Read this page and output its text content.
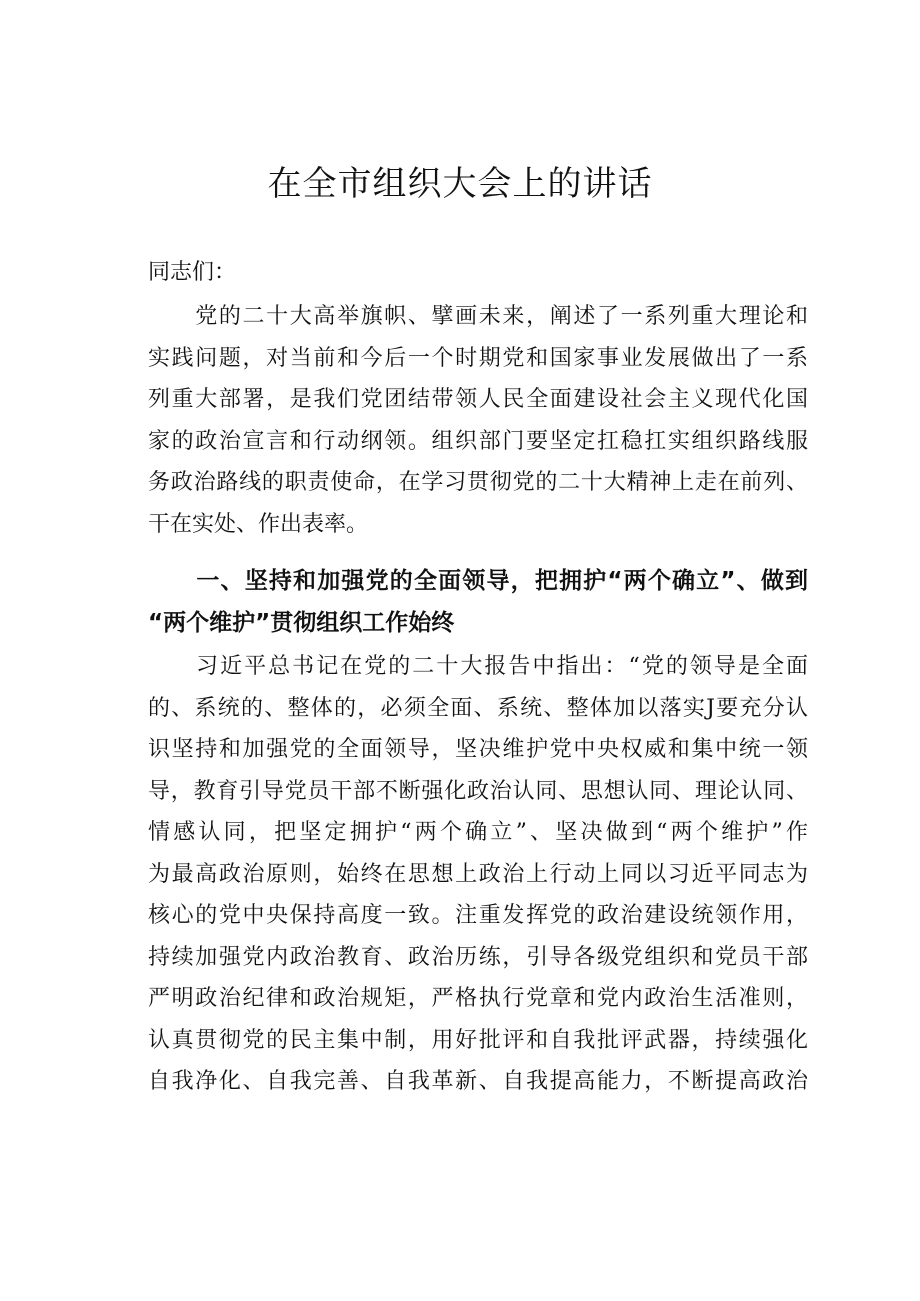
在全市组织大会上的讲话
同志们：
　　党的二十大高举旗帜、擘画未来，阐述了一系列重大理论和
实践问题，对当前和今后一个时期党和国家事业发展做出了一系
列重大部署，是我们党团结带领人民全面建设社会主义现代化国
家的政治宣言和行动纲领。组织部门要坚定扛稳扛实组织路线服
务政治路线的职责使命，在学习贯彻党的二十大精神上走在前列、
干在实处、作出表率。
　　一、坚持和加强党的全面领导，把拥护“两个确立”、做到
“两个维护”贯彻组织工作始终
　　习近平总书记在党的二十大报告中指出：“党的领导是全面
的、系统的、整体的，必须全面、系统、整体加以落实J要充分认
识坚持和加强党的全面领导，坚决维护党中央权威和集中统一领
导，教育引导党员干部不断强化政治认同、思想认同、理论认同、
情感认同，把坚定拥护“两个确立”、坚决做到“两个维护”作
为最高政治原则，始终在思想上政治上行动上同以习近平同志为
核心的党中央保持高度一致。注重发挥党的政治建设统领作用，
持续加强党内政治教育、政治历练，引导各级党组织和党员干部
严明政治纪律和政治规矩，严格执行党章和党内政治生活准则，
认真贯彻党的民主集中制，用好批评和自我批评武器，持续强化
自我净化、自我完善、自我革新、自我提高能力，不断提高政治
